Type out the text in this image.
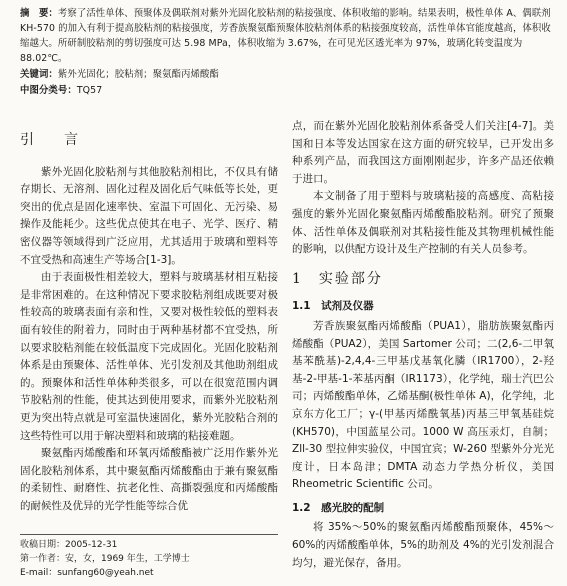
摘　要：考察了活性单体、预聚体及偶联剂对紫外光固化胶粘剂的粘接强度、体积收缩的影响。结果表明，极性单体 A、偶联剂 KH-570 的加入有利于提高胶粘剂的粘接强度，芳香族聚氨酯预聚体胶粘剂体系的粘接强度较高，活性单体官能度越高，体积收缩越大。所研制胶粘剂的剪切强度可达 5.98 MPa，体积收缩为 3.67%，在可见光区透光率为 97%，玻璃化转变温度为 88.02℃。

关键词：紫外光固化；胶粘剂；聚氨酯丙烯酸酯

中图分类号：TQ57

引　言

紫外光固化胶粘剂与其他胶粘剂相比，不仅具有储存期长、无溶剂、固化过程及固化后气味低等长处，更突出的优点是固化速率快、室温下可固化、无污染、易操作及能耗少。这些优点使其在电子、光学、医疗、精密仪器等领域得到广泛应用，尤其适用于玻璃和塑料等不宜受热和高速生产等场合[1-3]。

由于表面极性相差较大，塑料与玻璃基材相互粘接是非常困难的。在这种情况下要求胶粘剂组成既要对极性较高的玻璃表面有亲和性，又要对极性较低的塑料表面有较佳的附着力，同时由于两种基材都不宜受热，所以要求胶粘剂能在较低温度下完成固化。光固化胶粘剂体系是由预聚体、活性单体、光引发剂及其他助剂组成的。预聚体和活性单体种类很多，可以在很宽范围内调节胶粘剂的性能，使其达到使用要求，而紫外光胶粘剂更为突出特点就是可室温快速固化，紫外光胶粘合剂的这些特性可以用于解决塑料和玻璃的粘接难题。

聚氨酯丙烯酸酯和环氧丙烯酸酯被广泛用作紫外光固化胶粘剂体系，其中聚氨酯丙烯酸酯由于兼有聚氨酯的柔韧性、耐磨性、抗老化性、高撕裂强度和丙烯酸酯的耐候性及优异的光学性能等综合优

点，而在紫外光固化胶粘剂体系备受人们关注[4-7]。美国和日本等发达国家在这方面的研究较早，已开发出多种系列产品，而我国这方面刚刚起步，许多产品还依赖于进口。

本文制备了用于塑料与玻璃粘接的高感度、高粘接强度的紫外光固化聚氨酯丙烯酸酯胶粘剂。研究了预聚体、活性单体及偶联剂对其粘接性能及其物理机械性能的影响，以供配方设计及生产控制的有关人员参考。

1　实验部分
1.1　试剂及仪器

芳香族聚氨酯丙烯酸酯（PUA1），脂肪族聚氨酯丙烯酸酯（PUA2），美国 Sartomer 公司；二(2,6-二甲氧基苯酰基)-2,4,4-三甲基戊基氧化膦（IR1700），2-羟基-2-甲基-1-苯基丙酮（IR1173），化学纯，瑞士汽巴公司；丙烯酸酯单体，乙烯基酮(极性单体 A)，化学纯，北京东方化工厂；γ-(甲基丙烯酰氧基)丙基三甲氧基硅烷(KH570)，中国蓝星公司。1000 W 高压汞灯，自制；Zll-30 型拉伸实验仪，中国宜宾；W-260 型紫外分光光度计，日本岛津；DMTA 动态力学热分析仪，美国 Rheometric Scientific 公司。

1.2　感光胶的配制

将 35%～50%的聚氨酯丙烯酸酯预聚体，45%～60%的丙烯酸酯单体，5%的助剂及 4%的光引发剂混合均匀，避光保存，备用。

收稿日期：2005-12-31

第一作者：安，女，1969 年生，工学博士

E-mail：sunfang60@yeah.net
